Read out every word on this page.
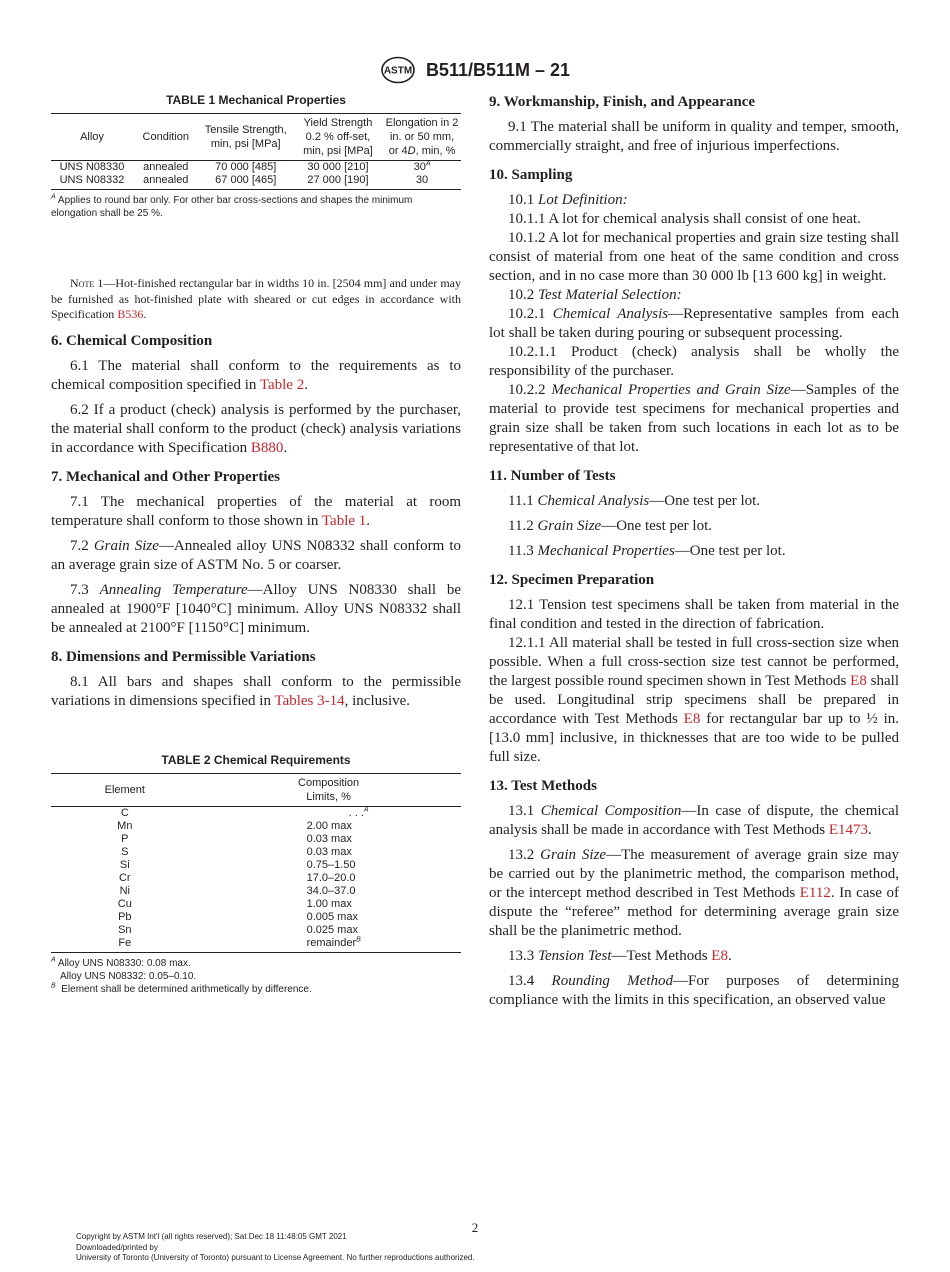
ASTM B511/B511M – 21
TABLE 1 Mechanical Properties
Alloy	Condition	Tensile Strength, min, psi [MPa]	Yield Strength 0.2 % off-set, min, psi [MPa]	Elongation in 2 in. or 50 mm, or 4D, min, %
UNS N08330	annealed	70 000 [485]	30 000 [210]	$30^A$
UNS N08332	annealed	67 000 [465]	27 000 [190]	30
$^A$ Applies to round bar only. For other bar cross-sections and shapes the minimum elongation shall be 25 %.

Note 1—Hot-finished rectangular bar in widths 10 in. [2504 mm] and under may be furnished as hot-finished plate with sheared or cut edges in accordance with Specification B536.

6. Chemical Composition

6.1 The material shall conform to the requirements as to chemical composition specified in Table 2.

6.2 If a product (check) analysis is performed by the purchaser, the material shall conform to the product (check) analysis variations in accordance with Specification B880.

7. Mechanical and Other Properties

7.1 The mechanical properties of the material at room temperature shall conform to those shown in Table 1.

7.2 Grain Size—Annealed alloy UNS N08332 shall conform to an average grain size of ASTM No. 5 or coarser.

7.3 Annealing Temperature—Alloy UNS N08330 shall be annealed at 1900°F [1040°C] minimum. Alloy UNS N08332 shall be annealed at 2100°F [1150°C] minimum.

8. Dimensions and Permissible Variations

8.1 All bars and shapes shall conform to the permissible variations in dimensions specified in Tables 3-14, inclusive.

TABLE 2 Chemical Requirements
Element	Composition Limits, %

C	. . .$^A$

Mn	2.00 max

P	0.03 max

S	0.03 max

Si	0.75–1.50

Cr	17.0–20.0

Ni	34.0–37.0

Cu	1.00 max

Pb	0.005 max

Sn	0.025 max

Fe	remainder$^B$
$^A$ Alloy UNS N08330: 0.08 max.
Alloy UNS N08332: 0.05–0.10.
$^B$ Element shall be determined arithmetically by difference.
9. Workmanship, Finish, and Appearance

9.1 The material shall be uniform in quality and temper, smooth, commercially straight, and free of injurious imperfections.

10. Sampling

10.1 Lot Definition:

10.1.1 A lot for chemical analysis shall consist of one heat.

10.1.2 A lot for mechanical properties and grain size testing shall consist of material from one heat of the same condition and cross section, and in no case more than 30 000 lb [13 600 kg] in weight.

10.2 Test Material Selection:

10.2.1 Chemical Analysis—Representative samples from each lot shall be taken during pouring or subsequent processing.

10.2.1.1 Product (check) analysis shall be wholly the responsibility of the purchaser.

10.2.2 Mechanical Properties and Grain Size—Samples of the material to provide test specimens for mechanical properties and grain size shall be taken from such locations in each lot as to be representative of that lot.

11. Number of Tests

11.1 Chemical Analysis—One test per lot.

11.2 Grain Size—One test per lot.

11.3 Mechanical Properties—One test per lot.

12. Specimen Preparation

12.1 Tension test specimens shall be taken from material in the final condition and tested in the direction of fabrication.

12.1.1 All material shall be tested in full cross-section size when possible. When a full cross-section size test cannot be performed, the largest possible round specimen shown in Test Methods E8 shall be used. Longitudinal strip specimens shall be prepared in accordance with Test Methods E8 for rectangular bar up to ½ in. [13.0 mm] inclusive, in thicknesses that are too wide to be pulled full size.

13. Test Methods

13.1 Chemical Composition—In case of dispute, the chemical analysis shall be made in accordance with Test Methods E1473.

13.2 Grain Size—The measurement of average grain size may be carried out by the planimetric method, the comparison method, or the intercept method described in Test Methods E112. In case of dispute the “referee” method for determining average grain size shall be the planimetric method.

13.3 Tension Test—Test Methods E8.

13.4 Rounding Method—For purposes of determining compliance with the limits in this specification, an observed value

2
Copyright by ASTM Int'l (all rights reserved); Sat Dec 18 11:48:05 GMT 2021
Downloaded/printed by
University of Toronto (University of Toronto) pursuant to License Agreement. No further reproductions authorized.
